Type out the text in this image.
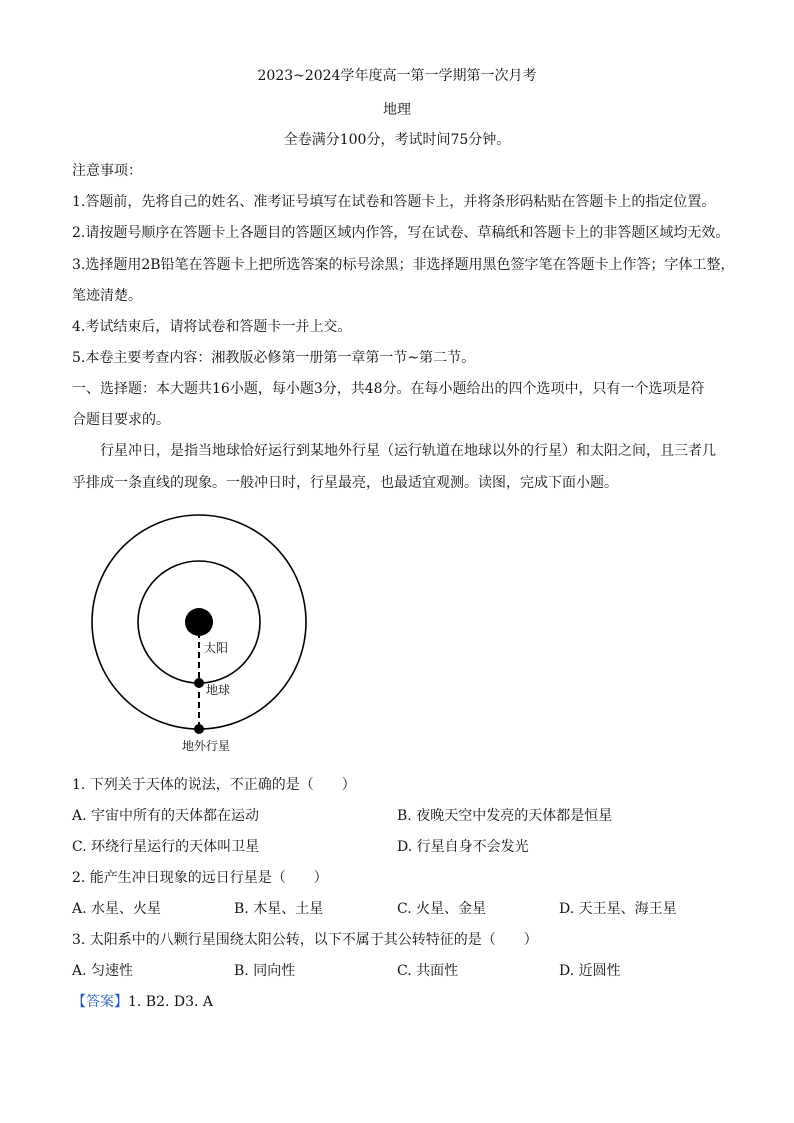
2023~2024学年度高一第一学期第一次月考
地理
全卷满分100分，考试时间75分钟。
注意事项：
1.答题前，先将自己的姓名、准考证号填写在试卷和答题卡上，并将条形码粘贴在答题卡上的指定位置。
2.请按题号顺序在答题卡上各题目的答题区域内作答，写在试卷、草稿纸和答题卡上的非答题区域均无效。
3.选择题用2B铅笔在答题卡上把所选答案的标号涂黑；非选择题用黑色签字笔在答题卡上作答；字体工整，
笔迹清楚。
4.考试结束后，请将试卷和答题卡一并上交。
5.本卷主要考查内容：湘教版必修第一册第一章第一节~第二节。
一、选择题：本大题共16小题，每小题3分，共48分。在每小题给出的四个选项中，只有一个选项是符
合题目要求的。
行星冲日，是指当地球恰好运行到某地外行星（运行轨道在地球以外的行星）和太阳之间，且三者几
乎排成一条直线的现象。一般冲日时，行星最亮，也最适宜观测。读图，完成下面小题。
太阳
地球
地外行星
1. 下列关于天体的说法，不正确的是（　　）
A. 宇宙中所有的天体都在运动	B. 夜晚天空中发亮的天体都是恒星
C. 环绕行星运行的天体叫卫星	D. 行星自身不会发光
2. 能产生冲日现象的远日行星是（　　）
A. 水星、火星	B. 木星、土星	C. 火星、金星	D. 天王星、海王星
3. 太阳系中的八颗行星围绕太阳公转，以下不属于其公转特征的是（　　）
A. 匀速性	B. 同向性	C. 共面性	D. 近圆性
【答案】1. B2. D3. A
